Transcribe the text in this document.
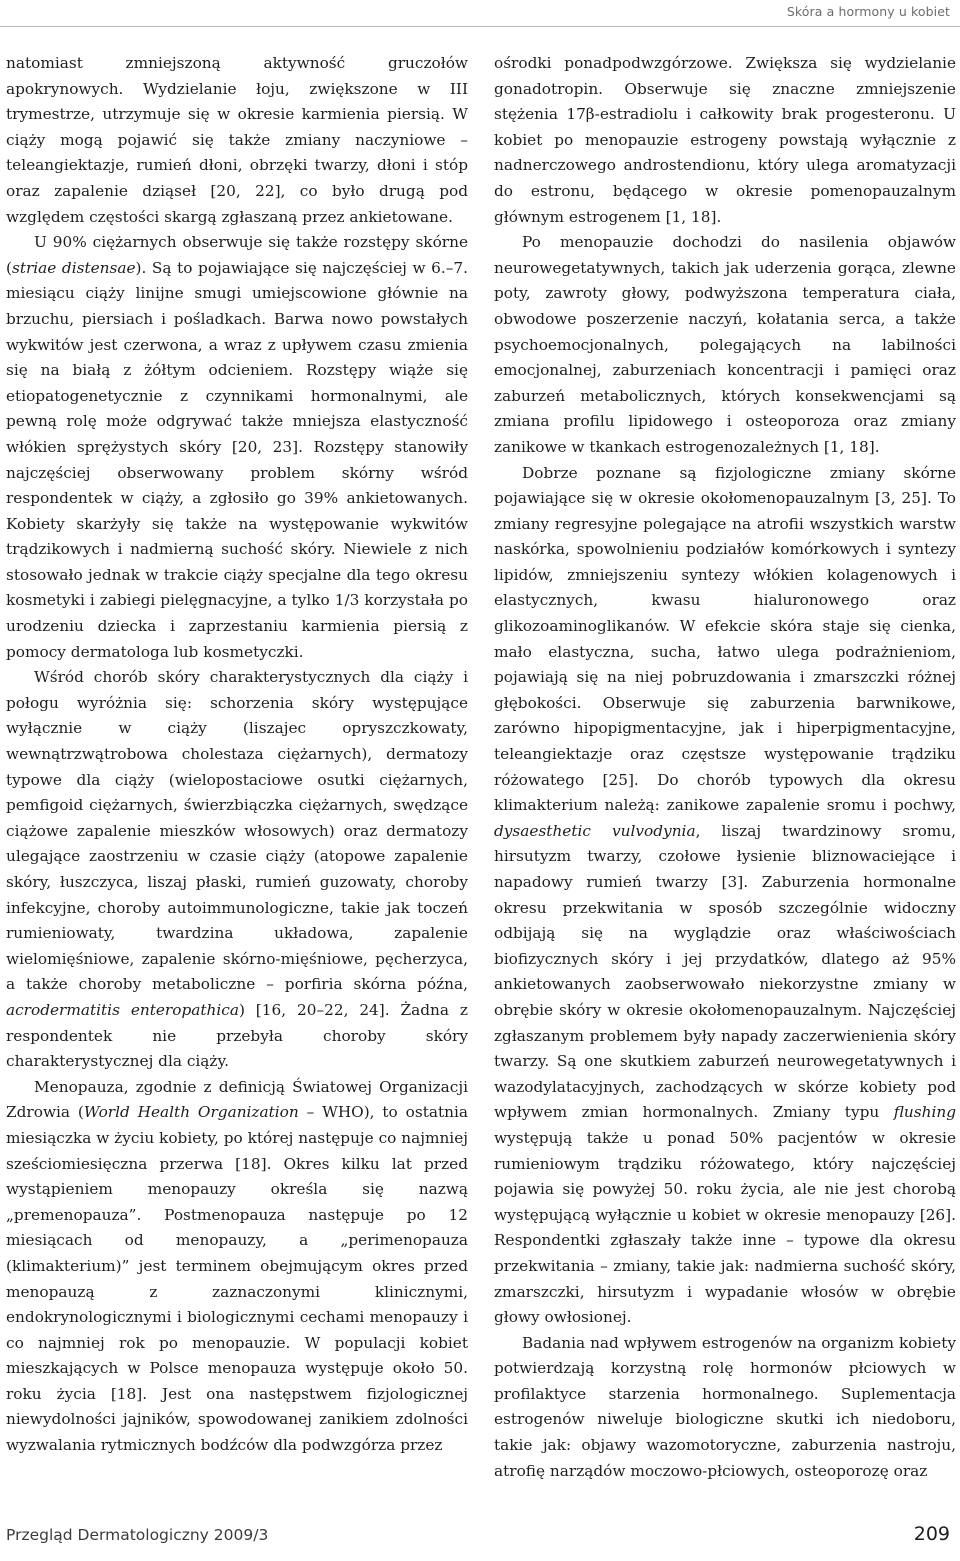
Skóra a hormony u kobiet

natomiast zmniejszoną aktywność gruczołów apokrynowych. Wydzielanie łoju, zwiększone w III trymestrze, utrzymuje się w okresie karmienia piersią. W ciąży mogą pojawić się także zmiany naczyniowe – teleangiektazje, rumień dłoni, obrzęki twarzy, dłoni i stóp oraz zapalenie dziąseł [20, 22], co było drugą pod względem częstości skargą zgłaszaną przez ankietowane.

U 90% ciężarnych obserwuje się także rozstępy skórne (striae distensae). Są to pojawiające się najczęściej w 6.–7. miesiącu ciąży linijne smugi umiejscowione głównie na brzuchu, piersiach i pośladkach. Barwa nowo powstałych wykwitów jest czerwona, a wraz z upływem czasu zmienia się na białą z żółtym odcieniem. Rozstępy wiąże się etiopatogenetycznie z czynnikami hormonalnymi, ale pewną rolę może odgrywać także mniejsza elastyczność włókien sprężystych skóry [20, 23]. Rozstępy stanowiły najczęściej obserwowany problem skórny wśród respondentek w ciąży, a zgłosiło go 39% ankietowanych. Kobiety skarżyły się także na występowanie wykwitów trądzikowych i nadmierną suchość skóry. Niewiele z nich stosowało jednak w trakcie ciąży specjalne dla tego okresu kosmetyki i zabiegi pielęgnacyjne, a tylko 1/3 korzystała po urodzeniu dziecka i zaprzestaniu karmienia piersią z pomocy dermatologa lub kosmetyczki.

Wśród chorób skóry charakterystycznych dla ciąży i połogu wyróżnia się: schorzenia skóry występujące wyłącznie w ciąży (liszajec opryszczkowaty, wewnątrzwątrobowa cholestaza ciężarnych), dermatozy typowe dla ciąży (wielopostaciowe osutki ciężarnych, pemfigoid ciężarnych, świerzbiączka ciężarnych, swędzące ciążowe zapalenie mieszków włosowych) oraz dermatozy ulegające zaostrzeniu w czasie ciąży (atopowe zapalenie skóry, łuszczyca, liszaj płaski, rumień guzowaty, choroby infekcyjne, choroby autoimmunologiczne, takie jak toczeń rumieniowaty, twardzina układowa, zapalenie wielomięśniowe, zapalenie skórno-mięśniowe, pęcherzyca, a także choroby metaboliczne – porfiria skórna późna, acrodermatitis enteropathica) [16, 20–22, 24]. Żadna z respondentek nie przebyła choroby skóry charakterystycznej dla ciąży.

Menopauza, zgodnie z definicją Światowej Organizacji Zdrowia (World Health Organization – WHO), to ostatnia miesiączka w życiu kobiety, po której następuje co najmniej sześciomiesięczna przerwa [18]. Okres kilku lat przed wystąpieniem menopauzy określa się nazwą „premenopauza”. Postmenopauza następuje po 12 miesiącach od menopauzy, a „perimenopauza (klimakterium)” jest terminem obejmującym okres przed menopauzą z zaznaczonymi klinicznymi, endokrynologicznymi i biologicznymi cechami menopauzy i co najmniej rok po menopauzie. W populacji kobiet mieszkających w Polsce menopauza występuje około 50. roku życia [18]. Jest ona następstwem fizjologicznej niewydolności jajników, spowodowanej zanikiem zdolności wyzwalania rytmicznych bodźców dla podwzgórza przez

ośrodki ponadpodwzgórzowe. Zwiększa się wydzielanie gonadotropin. Obserwuje się znaczne zmniejszenie stężenia 17β-estradiolu i całkowity brak progesteronu. U kobiet po menopauzie estrogeny powstają wyłącznie z nadnerczowego androstendionu, który ulega aromatyzacji do estronu, będącego w okresie pomenopauzalnym głównym estrogenem [1, 18].

Po menopauzie dochodzi do nasilenia objawów neurowegetatywnych, takich jak uderzenia gorąca, zlewne poty, zawroty głowy, podwyższona temperatura ciała, obwodowe poszerzenie naczyń, kołatania serca, a także psychoemocjonalnych, polegających na labilności emocjonalnej, zaburzeniach koncentracji i pamięci oraz zaburzeń metabolicznych, których konsekwencjami są zmiana profilu lipidowego i osteoporoza oraz zmiany zanikowe w tkankach estrogenozależnych [1, 18].

Dobrze poznane są fizjologiczne zmiany skórne pojawiające się w okresie okołomenopauzalnym [3, 25]. To zmiany regresyjne polegające na atrofii wszystkich warstw naskórka, spowolnieniu podziałów komórkowych i syntezy lipidów, zmniejszeniu syntezy włókien kolagenowych i elastycznych, kwasu hialuronowego oraz glikozoaminoglikanów. W efekcie skóra staje się cienka, mało elastyczna, sucha, łatwo ulega podrażnieniom, pojawiają się na niej pobruzdowania i zmarszczki różnej głębokości. Obserwuje się zaburzenia barwnikowe, zarówno hipopigmentacyjne, jak i hiperpigmentacyjne, teleangiektazje oraz częstsze występowanie trądziku różowatego [25]. Do chorób typowych dla okresu klimakterium należą: zanikowe zapalenie sromu i pochwy, dysaesthetic vulvodynia, liszaj twardzinowy sromu, hirsutyzm twarzy, czołowe łysienie bliznowaciejące i napadowy rumień twarzy [3]. Zaburzenia hormonalne okresu przekwitania w sposób szczególnie widoczny odbijają się na wyglądzie oraz właściwościach biofizycznych skóry i jej przydatków, dlatego aż 95% ankietowanych zaobserwowało niekorzystne zmiany w obrębie skóry w okresie okołomenopauzalnym. Najczęściej zgłaszanym problemem były napady zaczerwienienia skóry twarzy. Są one skutkiem zaburzeń neurowegetatywnych i wazodylatacyjnych, zachodzących w skórze kobiety pod wpływem zmian hormonalnych. Zmiany typu flushing występują także u ponad 50% pacjentów w okresie rumieniowym trądziku różowatego, który najczęściej pojawia się powyżej 50. roku życia, ale nie jest chorobą występującą wyłącznie u kobiet w okresie menopauzy [26]. Respondentki zgłaszały także inne – typowe dla okresu przekwitania – zmiany, takie jak: nadmierna suchość skóry, zmarszczki, hirsutyzm i wypadanie włosów w obrębie głowy owłosionej.

Badania nad wpływem estrogenów na organizm kobiety potwierdzają korzystną rolę hormonów płciowych w profilaktyce starzenia hormonalnego. Suplementacja estrogenów niweluje biologiczne skutki ich niedoboru, takie jak: objawy wazomotoryczne, zaburzenia nastroju, atrofię narządów moczowo-płciowych, osteoporozę oraz

Przegląd Dermatologiczny 2009/3	209
